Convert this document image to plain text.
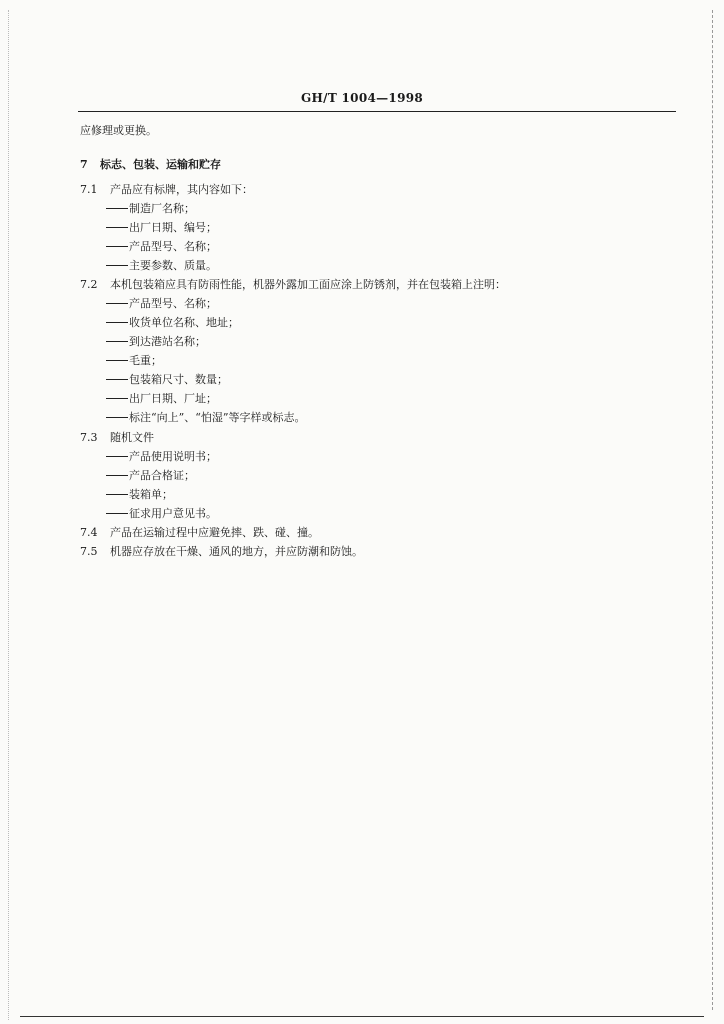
GH/T 1004—1998
应修理或更换。
7 标志、包装、运输和贮存
7.1 产品应有标牌，其内容如下：
制造厂名称；
出厂日期、编号；
产品型号、名称；
主要参数、质量。
7.2 本机包装箱应具有防雨性能，机器外露加工面应涂上防锈剂，并在包装箱上注明：
产品型号、名称；
收货单位名称、地址；
到达港站名称；
毛重；
包装箱尺寸、数量；
出厂日期、厂址；
标注“向上”、“怕湿”等字样或标志。
7.3 随机文件
产品使用说明书；
产品合格证；
装箱单；
征求用户意见书。
7.4 产品在运输过程中应避免摔、跌、碰、撞。
7.5 机器应存放在干燥、通风的地方，并应防潮和防蚀。
